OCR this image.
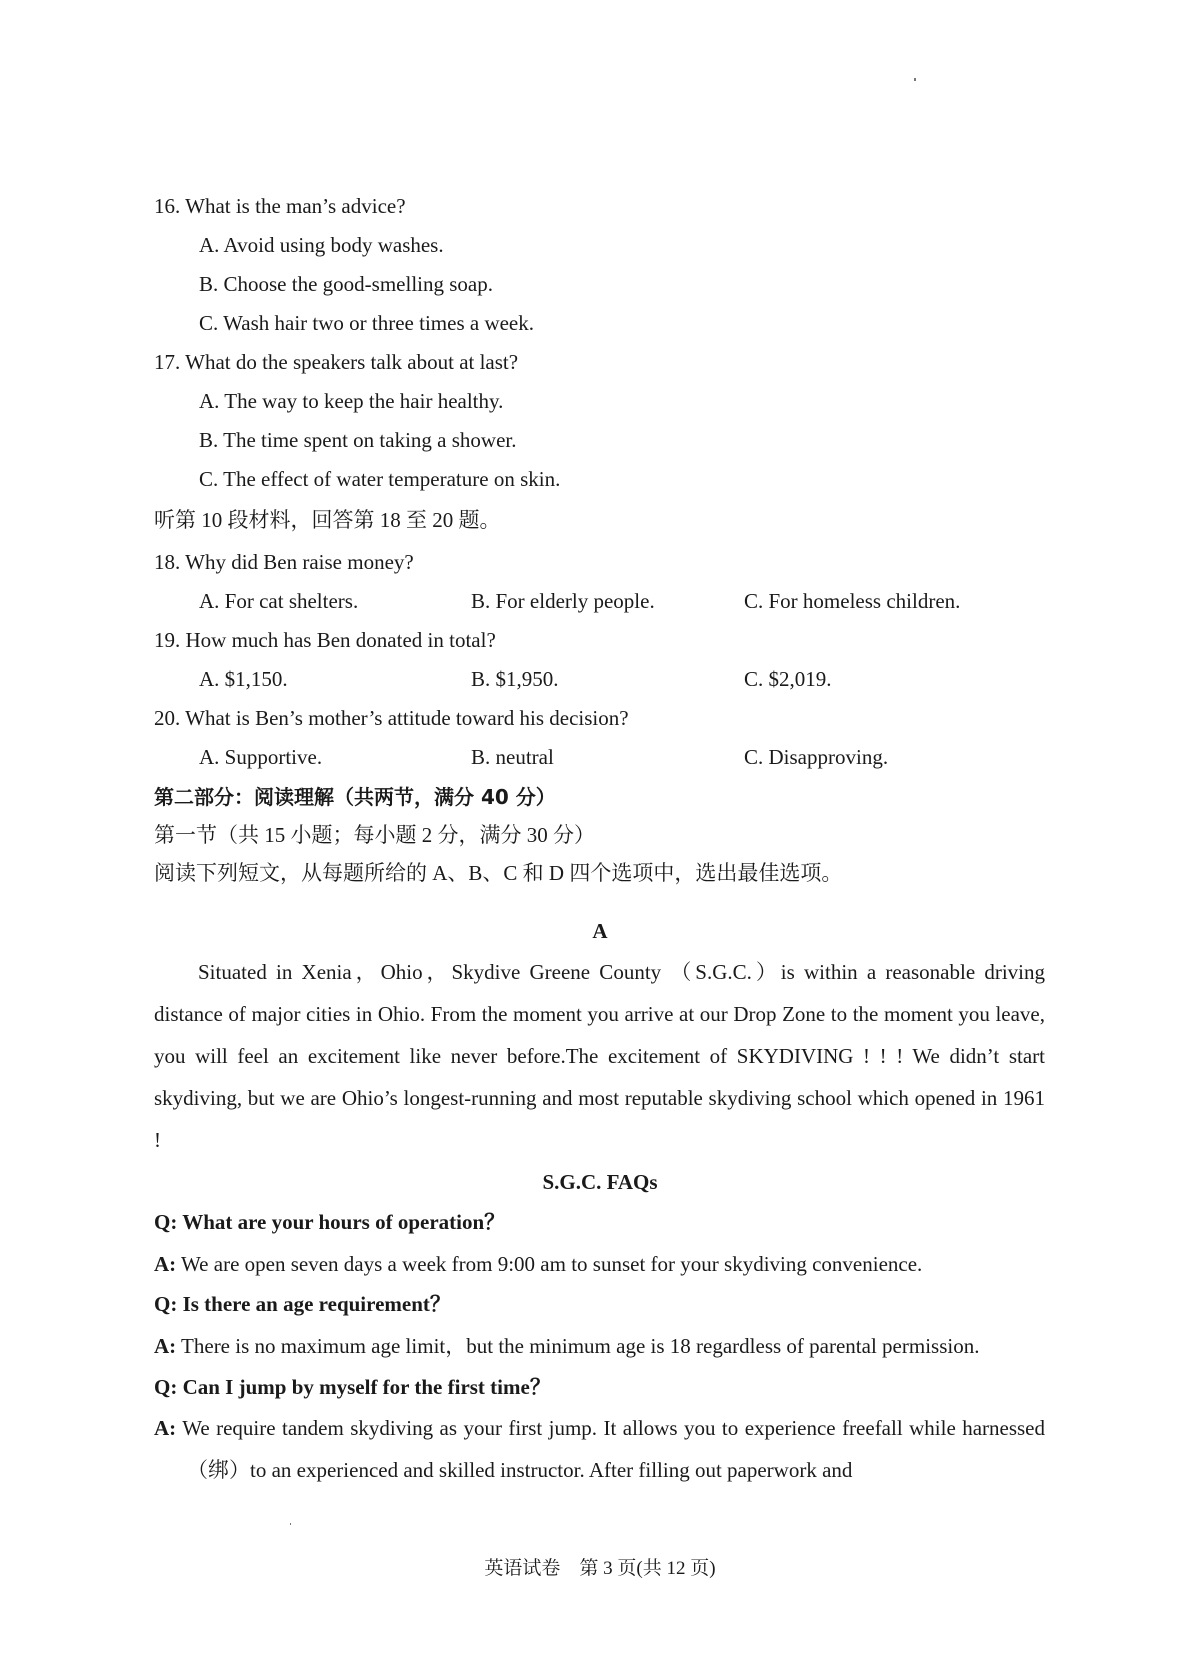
16. What is the man’s advice?
A. Avoid using body washes.
B. Choose the good-smelling soap.
C. Wash hair two or three times a week.
17. What do the speakers talk about at last?
A. The way to keep the hair healthy.
B. The time spent on taking a shower.
C. The effect of water temperature on skin.
听第 10 段材料，回答第 18 至 20 题。
18. Why did Ben raise money?
A. For cat shelters.	B. For elderly people.	C. For homeless children.
19. How much has Ben donated in total?
A. $1,150.	B. $1,950.	C. $2,019.
20. What is Ben’s mother’s attitude toward his decision?
A. Supportive.	B. neutral	C. Disapproving.
第二部分：阅读理解（共两节，满分 40 分）
第一节（共 15 小题；每小题 2 分，满分 30 分）
阅读下列短文，从每题所给的 A、B、C 和 D 四个选项中，选出最佳选项。
A
Situated in Xenia，Ohio，Skydive Greene County （S.G.C.）is within a reasonable driving distance of major cities in Ohio. From the moment you arrive at our Drop Zone to the moment you leave, you will feel an excitement like never before.The excitement of SKYDIVING ! ! ! We didn’t start skydiving, but we are Ohio’s longest-running and most reputable skydiving school which opened in 1961 !
S.G.C. FAQs
Q: What are your hours of operation？
A: We are open seven days a week from 9:00 am to sunset for your skydiving convenience.
Q: Is there an age requirement？
A: There is no maximum age limit，but the minimum age is 18 regardless of parental permission.
Q: Can I jump by myself for the first time？
A: We require tandem skydiving as your first jump. It allows you to experience freefall while harnessed （绑）to an experienced and skilled instructor. After filling out paperwork and
英语试卷　第 3 页(共 12 页)
